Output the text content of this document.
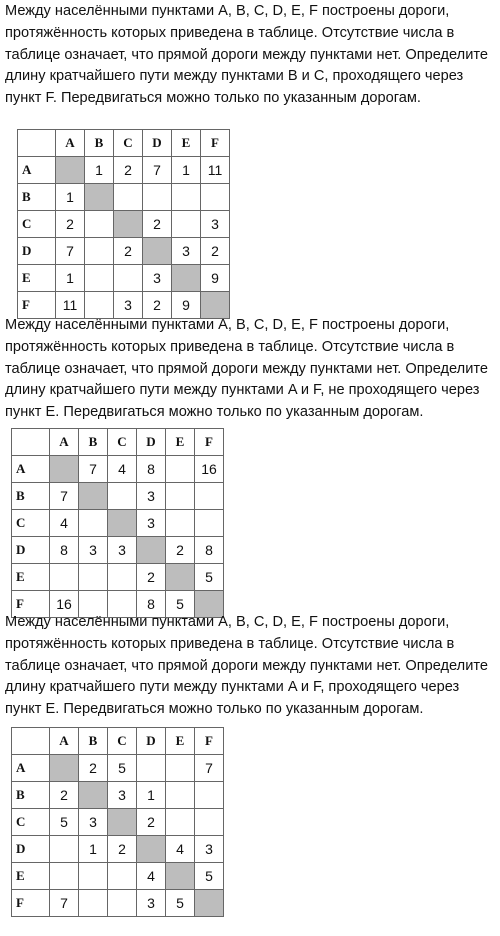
Между населёнными пунктами A, B, C, D, E, F построены дороги,
протяжённость которых приведена в таблице. Отсутствие числа в
таблице означает, что прямой дороги между пунктами нет. Определите
длину кратчайшего пути между пунктами B и C, проходящего через
пункт F. Передвигаться можно только по указанным дорогам.
	A	B	C	D	E	F
A		1	2	7	1	11
B	1					
C	2			2		3
D	7		2		3	2
E	1			3		9
F	11		3	2	9	
Между населёнными пунктами A, B, C, D, E, F построены дороги,
протяжённость которых приведена в таблице. Отсутствие числа в
таблице означает, что прямой дороги между пунктами нет. Определите
длину кратчайшего пути между пунктами A и F, не проходящего через
пункт E. Передвигаться можно только по указанным дорогам.
	A	B	C	D	E	F
A		7	4	8		16
B	7			3		
C	4			3		
D	8	3	3		2	8
E				2		5
F	16			8	5	
Между населёнными пунктами A, B, C, D, E, F построены дороги,
протяжённость которых приведена в таблице. Отсутствие числа в
таблице означает, что прямой дороги между пунктами нет. Определите
длину кратчайшего пути между пунктами A и F, проходящего через
пункт E. Передвигаться можно только по указанным дорогам.
	A	B	C	D	E	F
A		2	5			7
B	2		3	1		
C	5	3		2		
D		1	2		4	3
E				4		5
F	7			3	5	
